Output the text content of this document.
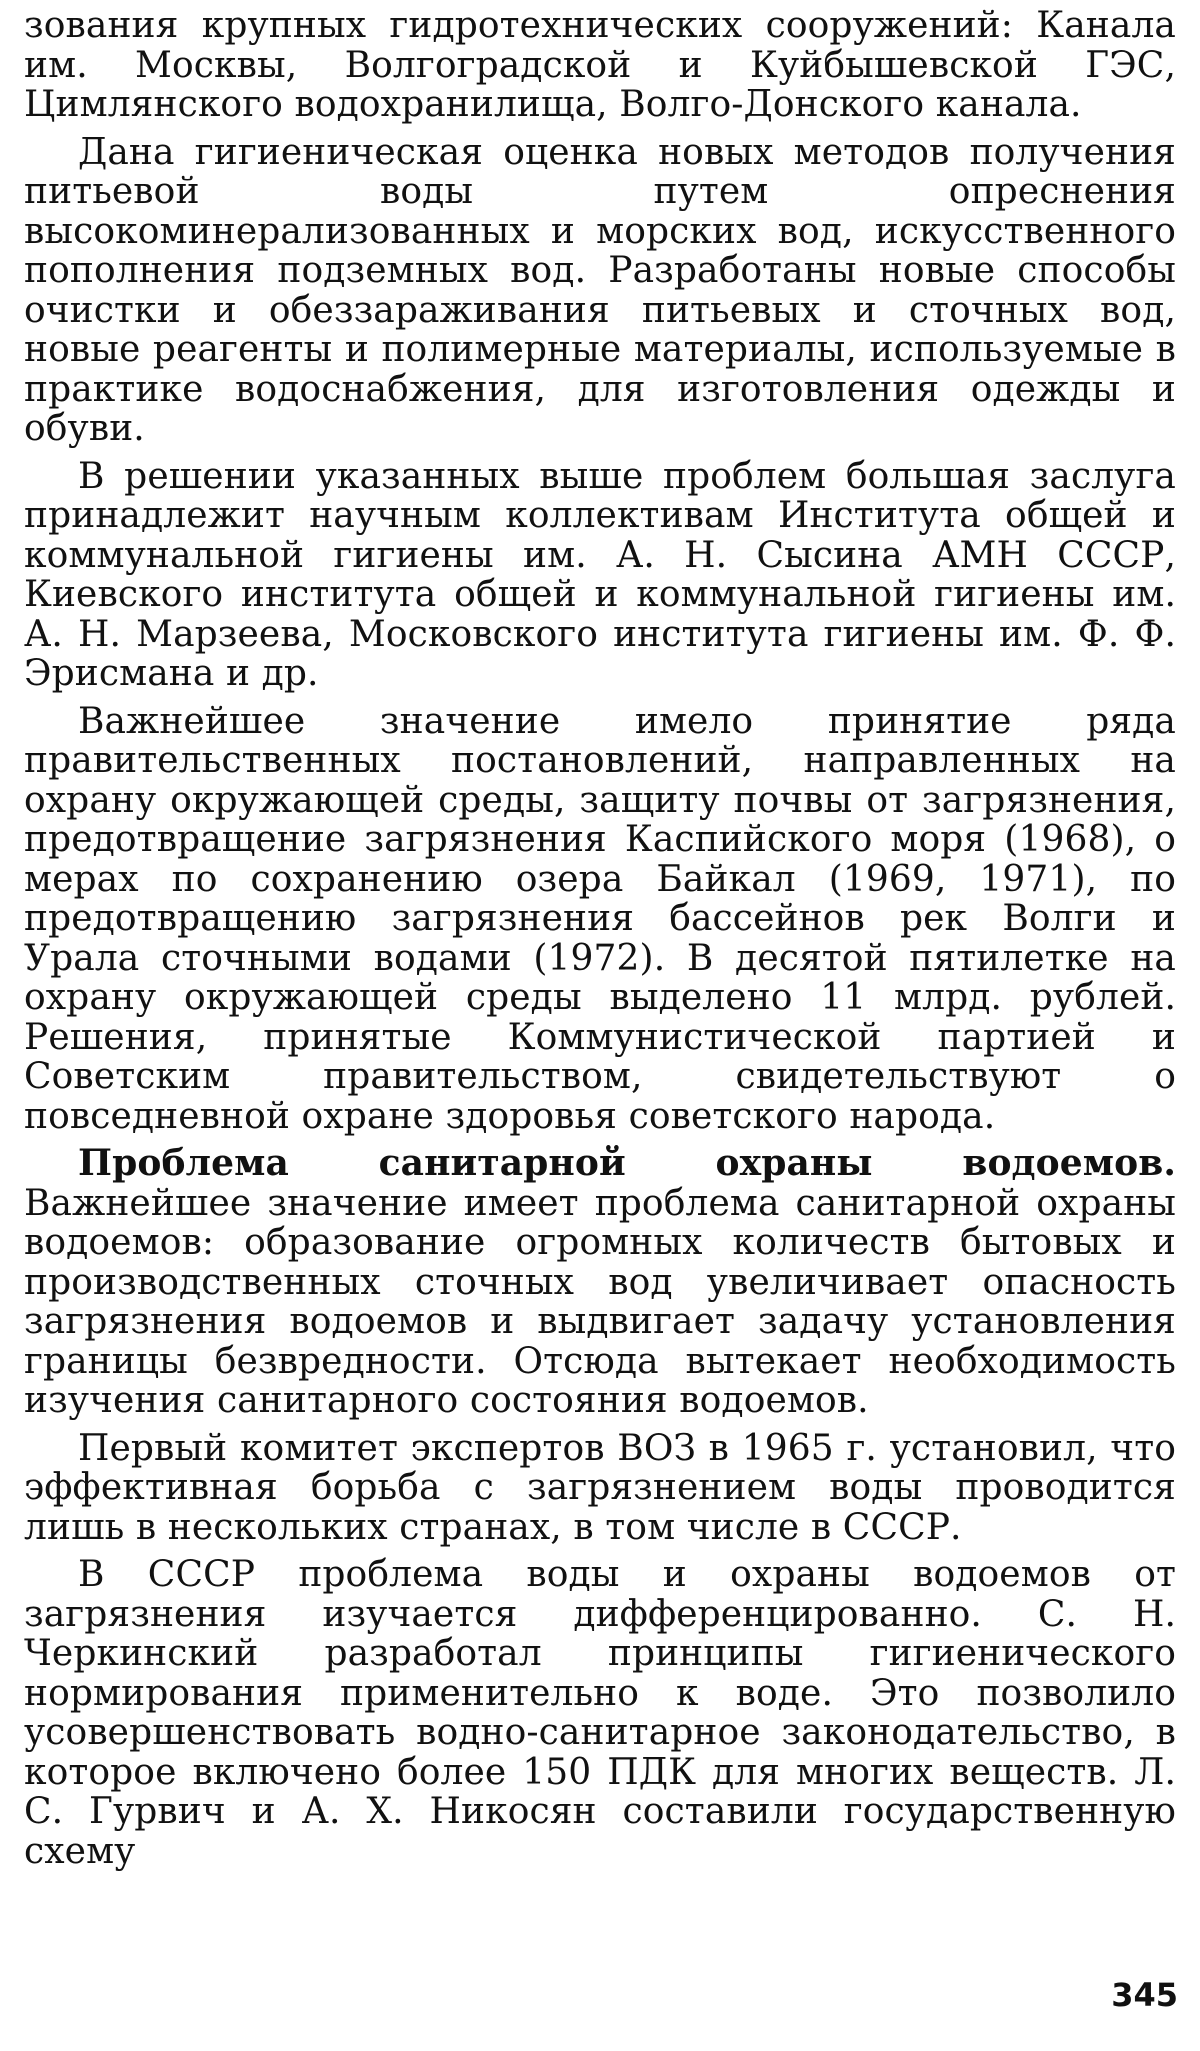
зования крупных гидротехнических сооружений: Канала им. Москвы, Волгоградской и Куйбышевской ГЭС, Цимлянского водохранилища, Волго-Донского канала.

Дана гигиеническая оценка новых методов получения питьевой воды путем опреснения высокоминерализованных и морских вод, искусственного пополнения подземных вод. Разработаны новые способы очистки и обеззараживания питьевых и сточных вод, новые реагенты и полимерные материалы, используемые в практике водоснабжения, для изготовления одежды и обуви.

В решении указанных выше проблем большая заслуга принадлежит научным коллективам Института общей и коммунальной гигиены им. А. Н. Сысина АМН СССР, Киевского института общей и коммунальной гигиены им. А. Н. Марзеева, Московского института гигиены им. Ф. Ф. Эрисмана и др.

Важнейшее значение имело принятие ряда правительственных постановлений, направленных на охрану окружающей среды, защиту почвы от загрязнения, предотвращение загрязнения Каспийского моря (1968), о мерах по сохранению озера Байкал (1969, 1971), по предотвращению загрязнения бассейнов рек Волги и Урала сточными водами (1972). В десятой пятилетке на охрану окружающей среды выделено 11 млрд. рублей. Решения, принятые Коммунистической партией и Советским правительством, свидетельствуют о повседневной охране здоровья советского народа.

Проблема санитарной охраны водоемов. Важнейшее значение имеет проблема санитарной охраны водоемов: образование огромных количеств бытовых и производственных сточных вод увеличивает опасность загрязнения водоемов и выдвигает задачу установления границы безвредности. Отсюда вытекает необходимость изучения санитарного состояния водоемов.

Первый комитет экспертов ВОЗ в 1965 г. установил, что эффективная борьба с загрязнением воды проводится лишь в нескольких странах, в том числе в СССР.

В СССР проблема воды и охраны водоемов от загрязнения изучается дифференцированно. С. Н. Черкинский разработал принципы гигиенического нормирования применительно к воде. Это позволило усовершенствовать водно-санитарное законодательство, в которое включено более 150 ПДК для многих веществ. Л. С. Гурвич и А. Х. Никосян составили государственную схему

345
